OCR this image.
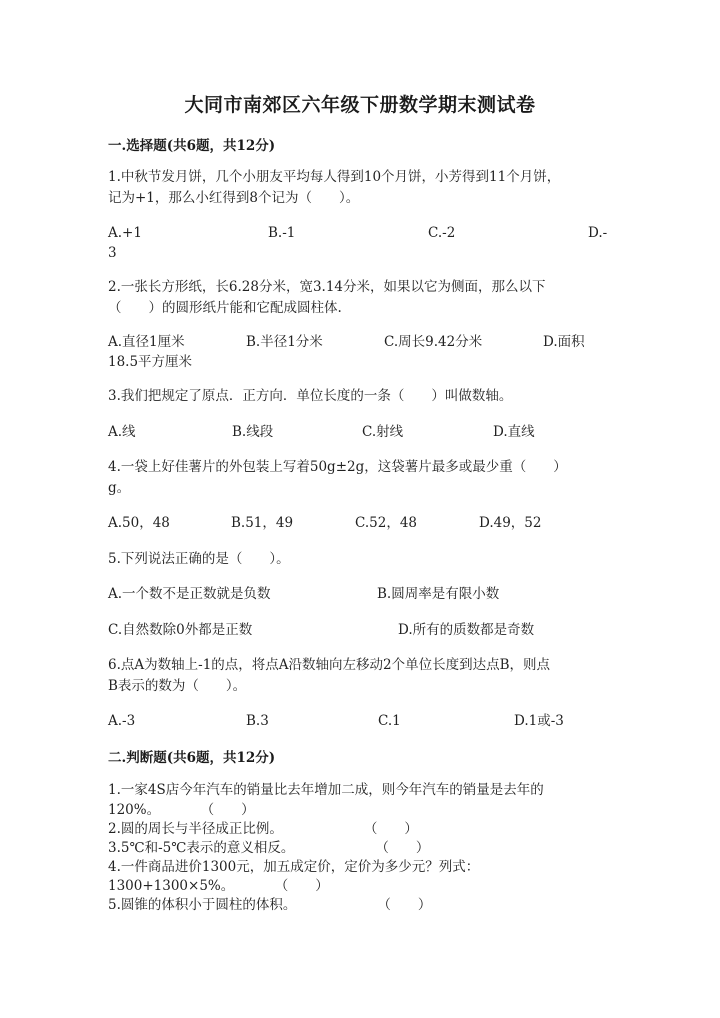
大同市南郊区六年级下册数学期末测试卷
一.选择题(共6题，共12分)
1.中秋节发月饼，几个小朋友平均每人得到10个月饼，小芳得到11个月饼，
记为+1，那么小红得到8个记为（　　）。
A.+1	B.-1	C.-2	D.-
3
2.一张长方形纸，长6.28分米，宽3.14分米，如果以它为侧面，那么以下
（　　）的圆形纸片能和它配成圆柱体.
A.直径1厘米	B.半径1分米	C.周长9.42分米	D.面积
18.5平方厘米
3.我们把规定了原点．正方向．单位长度的一条（　　）叫做数轴。
A.线	B.线段	C.射线	D.直线
4.一袋上好佳薯片的外包装上写着50g±2g，这袋薯片最多或最少重（　　）
g。
A.50，48	B.51，49	C.52，48	D.49，52
5.下列说法正确的是（　　）。
A.一个数不是正数就是负数	B.圆周率是有限小数
C.自然数除0外都是正数	D.所有的质数都是奇数
6.点A为数轴上-1的点，将点A沿数轴向左移动2个单位长度到达点B，则点
B表示的数为（　　）。
A.-3	B.3	C.1	D.1或-3
二.判断题(共6题，共12分)
1.一家4S店今年汽车的销量比去年增加二成，则今年汽车的销量是去年的
120%。　　　　（　　）
2.圆的周长与半径成正比例。　　　　　　　（　　）
3.5℃和-5℃表示的意义相反。　　　　　　　（　　）
4.一件商品进价1300元，加五成定价，定价为多少元？列式：
1300+1300×5%。　　　　（　　）
5.圆锥的体积小于圆柱的体积。　　　　　　　（　　）
